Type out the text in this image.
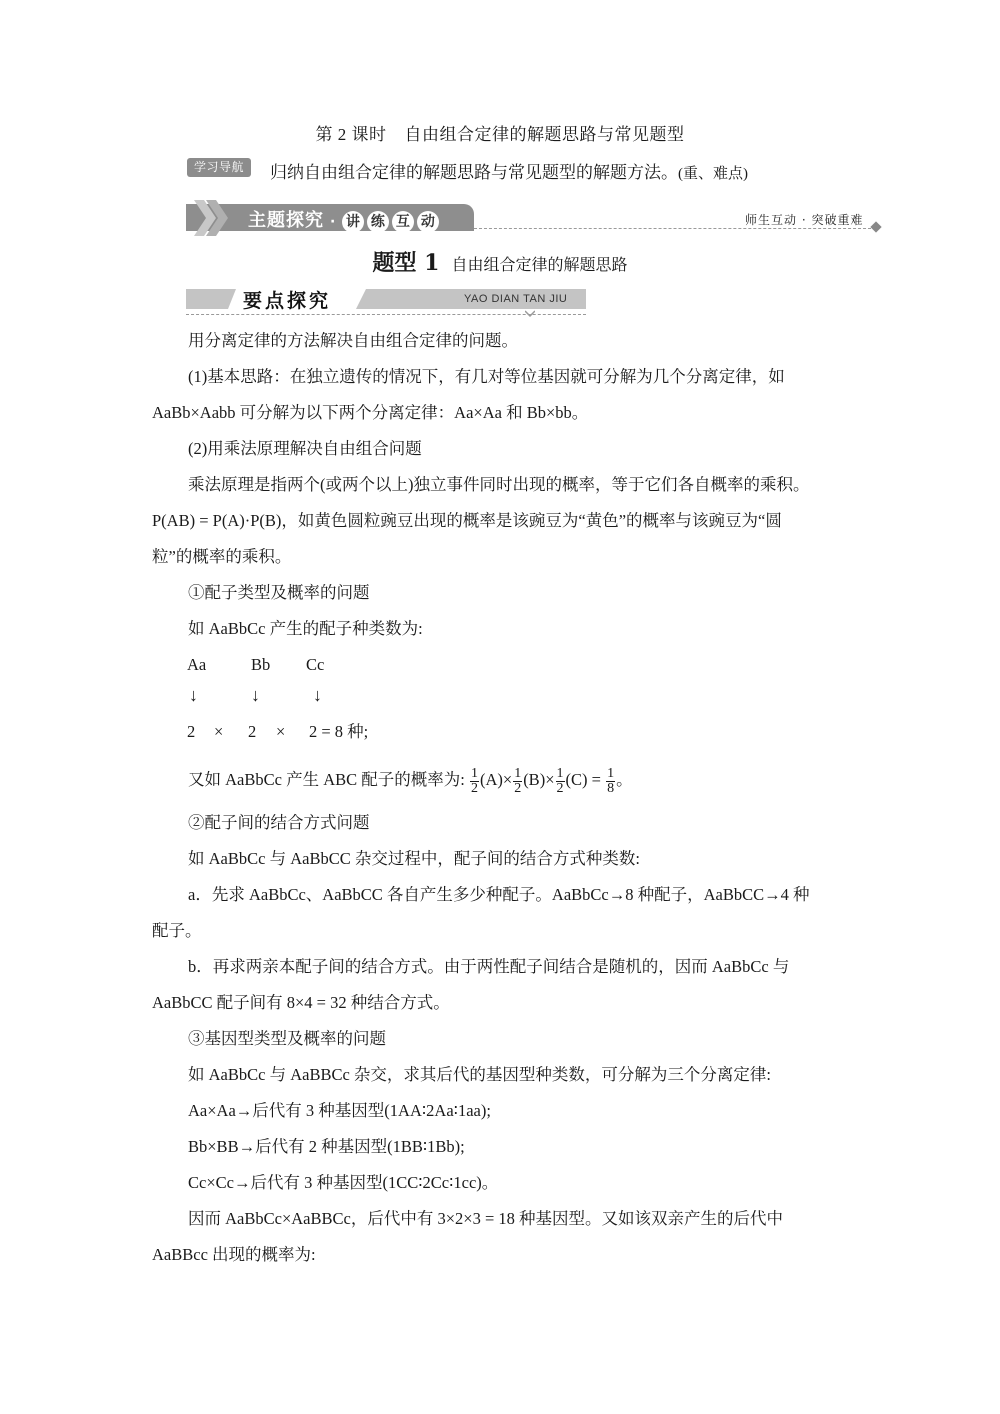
第 2 课时 自由组合定律的解题思路与常见题型
学习导航	归纳自由组合定律的解题思路与常见题型的解题方法。(重、难点)
主题探究 · 讲 练 互 动	师生互动 · 突破重难
题型 1 自由组合定律的解题思路
要点探究	YAO DIAN TAN JIU
用分离定律的方法解决自由组合定律的问题。
(1)基本思路：在独立遗传的情况下，有几对等位基因就可分解为几个分离定律，如
AaBb×Aabb 可分解为以下两个分离定律：Aa×Aa 和 Bb×bb。
(2)用乘法原理解决自由组合问题
乘法原理是指两个(或两个以上)独立事件同时出现的概率，等于它们各自概率的乘积。
P(AB) = P(A)·P(B)，如黄色圆粒豌豆出现的概率是该豌豆为“黄色”的概率与该豌豆为“圆
粒”的概率的乘积。
①配子类型及概率的问题
如 AaBbCc 产生的配子种类数为:
Aa	Bb Cc
↓	↓	↓
2 × 2 × 2 = 8 种;
又如 AaBbCc 产生 ABC 配子的概率为: $\frac{1}{2} (A)\times \frac{1}{2} (B)\times \frac{1}{2} (C) = \frac{1}{8}$ 。
②配子间的结合方式问题
如 AaBbCc 与 AaBbCC 杂交过程中，配子间的结合方式种类数:
a．先求 AaBbCc、AaBbCC 各自产生多少种配子。AaBbCc→8 种配子，AaBbCC→4 种
配子。
b．再求两亲本配子间的结合方式。由于两性配子间结合是随机的，因而 AaBbCc 与
AaBbCC 配子间有 8×4 = 32 种结合方式。
③基因型类型及概率的问题
如 AaBbCc 与 AaBBCc 杂交，求其后代的基因型种类数，可分解为三个分离定律:
Aa×Aa→后代有 3 种基因型(1AA∶2Aa∶1aa);
Bb×BB→后代有 2 种基因型(1BB∶1Bb);
Cc×Cc→后代有 3 种基因型(1CC∶2Cc∶1cc)。
因而 AaBbCc×AaBBCc，后代中有 3×2×3 = 18 种基因型。又如该双亲产生的后代中
AaBBcc 出现的概率为:
